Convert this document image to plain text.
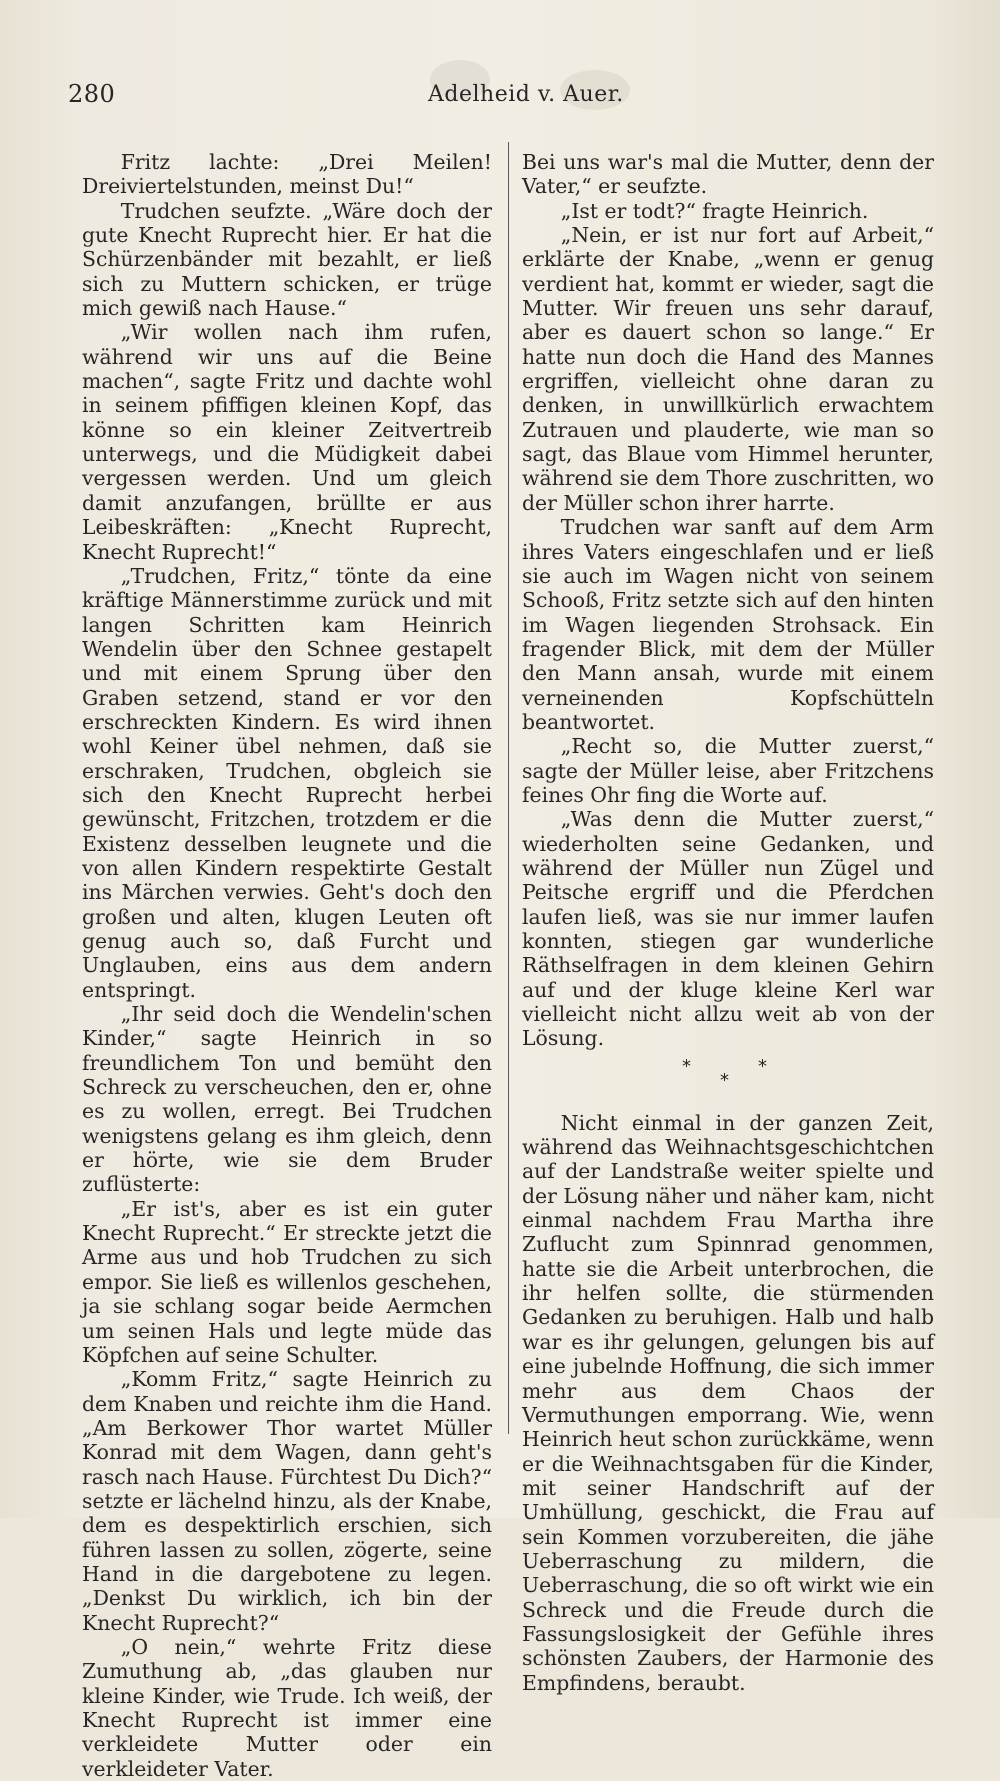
280	Adelheid v. Auer.

Fritz lachte: „Drei Meilen! Dreiviertelstunden, meinst Du!“

Trudchen seufzte. „Wäre doch der gute Knecht Ruprecht hier. Er hat die Schürzenbänder mit bezahlt, er ließ sich zu Muttern schicken, er trüge mich gewiß nach Hause.“

„Wir wollen nach ihm rufen, während wir uns auf die Beine machen“, sagte Fritz und dachte wohl in seinem pfiffigen kleinen Kopf, das könne so ein kleiner Zeitvertreib unterwegs, und die Müdigkeit dabei vergessen werden. Und um gleich damit anzufangen, brüllte er aus Leibeskräften: „Knecht Ruprecht, Knecht Ruprecht!“

„Trudchen, Fritz,“ tönte da eine kräftige Männerstimme zurück und mit langen Schritten kam Heinrich Wendelin über den Schnee gestapelt und mit einem Sprung über den Graben setzend, stand er vor den erschreckten Kindern. Es wird ihnen wohl Keiner übel nehmen, daß sie erschraken, Trudchen, obgleich sie sich den Knecht Ruprecht herbei gewünscht, Fritzchen, trotzdem er die Existenz desselben leugnete und die von allen Kindern respektirte Gestalt ins Märchen verwies. Geht's doch den großen und alten, klugen Leuten oft genug auch so, daß Furcht und Unglauben, eins aus dem andern entspringt.

„Ihr seid doch die Wendelin'schen Kinder,“ sagte Heinrich in so freundlichem Ton und bemüht den Schreck zu verscheuchen, den er, ohne es zu wollen, erregt. Bei Trudchen wenigstens gelang es ihm gleich, denn er hörte, wie sie dem Bruder zuflüsterte:

„Er ist's, aber es ist ein guter Knecht Ruprecht.“ Er streckte jetzt die Arme aus und hob Trudchen zu sich empor. Sie ließ es willenlos geschehen, ja sie schlang sogar beide Aermchen um seinen Hals und legte müde das Köpfchen auf seine Schulter.

„Komm Fritz,“ sagte Heinrich zu dem Knaben und reichte ihm die Hand. „Am Berkower Thor wartet Müller Konrad mit dem Wagen, dann geht's rasch nach Hause. Fürchtest Du Dich?“ setzte er lächelnd hinzu, als der Knabe, dem es despektirlich erschien, sich führen lassen zu sollen, zögerte, seine Hand in die dargebotene zu legen. „Denkst Du wirklich, ich bin der Knecht Ruprecht?“

„O nein,“ wehrte Fritz diese Zumuthung ab, „das glauben nur kleine Kinder, wie Trude. Ich weiß, der Knecht Ruprecht ist immer eine verkleidete Mutter oder ein verkleideter Vater.

Bei uns war's mal die Mutter, denn der Vater,“ er seufzte.

„Ist er todt?“ fragte Heinrich.

„Nein, er ist nur fort auf Arbeit,“ erklärte der Knabe, „wenn er genug verdient hat, kommt er wieder, sagt die Mutter. Wir freuen uns sehr darauf, aber es dauert schon so lange.“ Er hatte nun doch die Hand des Mannes ergriffen, vielleicht ohne daran zu denken, in unwillkürlich erwachtem Zutrauen und plauderte, wie man so sagt, das Blaue vom Himmel herunter, während sie dem Thore zuschritten, wo der Müller schon ihrer harrte.

Trudchen war sanft auf dem Arm ihres Vaters eingeschlafen und er ließ sie auch im Wagen nicht von seinem Schooß, Fritz setzte sich auf den hinten im Wagen liegenden Strohsack. Ein fragender Blick, mit dem der Müller den Mann ansah, wurde mit einem verneinenden Kopfschütteln beantwortet.

„Recht so, die Mutter zuerst,“ sagte der Müller leise, aber Fritzchens feines Ohr fing die Worte auf.

„Was denn die Mutter zuerst,“ wiederholten seine Gedanken, und während der Müller nun Zügel und Peitsche ergriff und die Pferdchen laufen ließ, was sie nur immer laufen konnten, stiegen gar wunderliche Räthselfragen in dem kleinen Gehirn auf und der kluge kleine Kerl war vielleicht nicht allzu weit ab von der Lösung.

*
*
*

Nicht einmal in der ganzen Zeit, während das Weihnachtsgeschichtchen auf der Landstraße weiter spielte und der Lösung näher und näher kam, nicht einmal nachdem Frau Martha ihre Zuflucht zum Spinnrad genommen, hatte sie die Arbeit unterbrochen, die ihr helfen sollte, die stürmenden Gedanken zu beruhigen. Halb und halb war es ihr gelungen, gelungen bis auf eine jubelnde Hoffnung, die sich immer mehr aus dem Chaos der Vermuthungen emporrang. Wie, wenn Heinrich heut schon zurückkäme, wenn er die Weihnachtsgaben für die Kinder, mit seiner Handschrift auf der Umhüllung, geschickt, die Frau auf sein Kommen vorzubereiten, die jähe Ueberraschung zu mildern, die Ueberraschung, die so oft wirkt wie ein Schreck und die Freude durch die Fassungslosigkeit der Gefühle ihres schönsten Zaubers, der Harmonie des Empfindens, beraubt.
